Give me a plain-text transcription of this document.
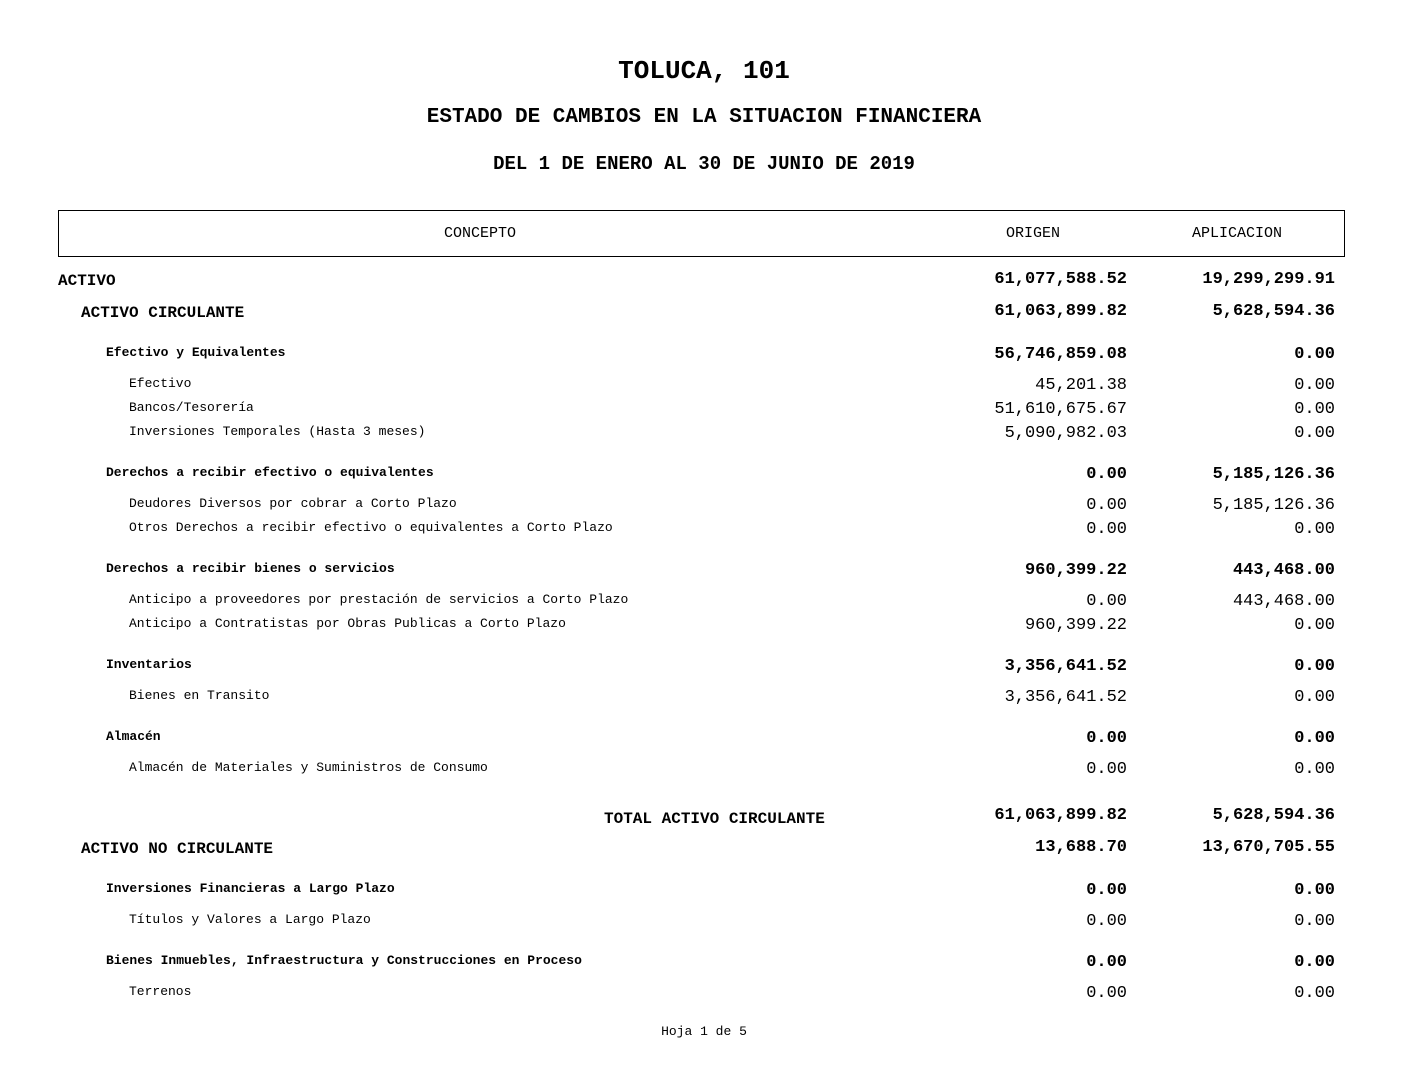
TOLUCA, 101
ESTADO DE CAMBIOS EN LA SITUACION FINANCIERA
DEL 1 DE ENERO AL 30 DE JUNIO DE 2019
CONCEPTO	ORIGEN	APLICACION
ACTIVO	61,077,588.52	19,299,299.91
ACTIVO CIRCULANTE	61,063,899.82	5,628,594.36
Efectivo y Equivalentes	56,746,859.08	0.00
Efectivo	45,201.38	0.00
Bancos/Tesorería	51,610,675.67	0.00
Inversiones Temporales (Hasta 3 meses)	5,090,982.03	0.00
Derechos a recibir efectivo o equivalentes	0.00	5,185,126.36
Deudores Diversos por cobrar a Corto Plazo	0.00	5,185,126.36
Otros Derechos a recibir efectivo o equivalentes a Corto Plazo	0.00	0.00
Derechos a recibir bienes o servicios	960,399.22	443,468.00
Anticipo a proveedores por prestación de servicios a Corto Plazo	0.00	443,468.00
Anticipo a Contratistas por Obras Publicas a Corto Plazo	960,399.22	0.00
Inventarios	3,356,641.52	0.00
Bienes en Transito	3,356,641.52	0.00
Almacén	0.00	0.00
Almacén de Materiales y Suministros de Consumo	0.00	0.00
TOTAL ACTIVO CIRCULANTE	61,063,899.82	5,628,594.36
ACTIVO NO CIRCULANTE	13,688.70	13,670,705.55
Inversiones Financieras a Largo Plazo	0.00	0.00
Títulos y Valores a Largo Plazo	0.00	0.00
Bienes Inmuebles, Infraestructura y Construcciones en Proceso	0.00	0.00
Terrenos	0.00	0.00
Hoja 1 de 5
